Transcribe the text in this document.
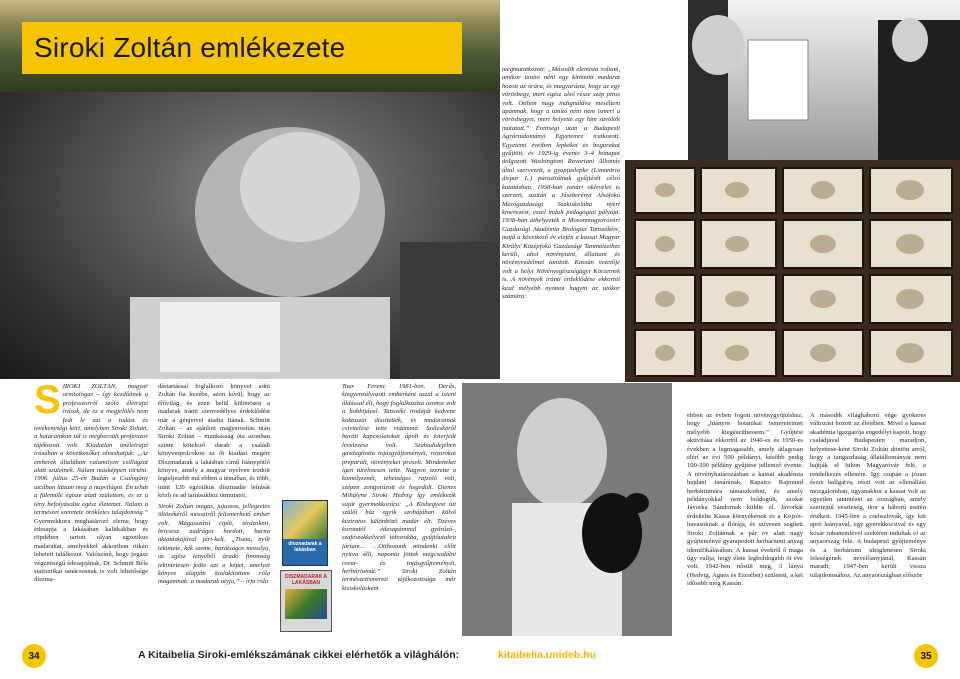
Siroki Zoltán emlékezete

megmutatkozott: „Második elemista voltam, amikor tanító néni egy kitömött madarat hozott az órára, és magyarázta, hogy az egy vörösbegy, mert egész alsó része szép piros volt. Otthon nagy indignáldva meséltem apámnak, hogy a tanító néni nem ismeri a vörösbegyet, mert helyette egy hím süvöltőt mutatott.” Érettségi után a Budapesti Agrártudományi Egyetemre iratkozott. Egyetemi éveiben lepkéket és bogarakat gyűjtött, és 1929-ig évente 3–4 hónapot dolgozott Washingtoni Rovartani Állomás által szervezett, a gyapjaslepke (Limantria dispar L.) parazitáinak gyűjtését célzó kutatásban. 1938-ban tanári oklevelet is szerzett, azután a Jászberényi Alsófokú Mezőgazdasági Szakiskolába nyert kinevezést, ezzel indult pedagógiai pályája. 1938-ban áthelyezték a Mosonmagyaróvári Gazdasági Akadémia Biológiai Tanszékére, majd a következő év elején a kassai Magyar Királyi Középfokú Gazdasági Tanintézethez került, ahol növénytant, állattant és növényvédelmet tanított. Kassán vezetője volt a helyi Növényegészségügyi Körzetnek is. A növények iránti érdeklődése ekkortól kezd mélyebb nyomot hagyni az utókor számára:

S IROKI ZOLTÁN, magyar ornitológus – így kezdődnek a professzorról szóló életrajzi írások, de ez a megjelölés nem fedi le azt a tudást és tevékenységi kört, amelyben Siroki Zoltán, a határainkon túl is megbecsült professzor tájékozott volt. Kiadatlan önéletrajzi írásában a következőket olvashatjuk: „Az emberek általában valamilyen csillagzat alatt születnek. Nálam másképpen történt. 1906. július 25-én Budán a Csalogány utcában láttam meg a napvilágot. Én tehát a fülemüle égisze alatt születtem, és ez a tény befolyásolta egész életemet. Nálam a természet szeretete örökletes tulajdonság.” Gyermekkora meghatározó eleme, hogy édesapja a lakásában kalitkákban és röpdében tartott olyan egzotikus madarakat, amelyekkel akkoriban ritkán lehetett találkozni. Valószínű, hogy jogász végzettségű édesapjának, Dr. Schmitt Béla statisztikai tanácsosnak is volt lehetősége díszma-

dártartással foglalkozó könyvet adni Zoltán fia kezébe, azon kívül, hogy az élővilág, és ezen belül különösen a madarak iránti szenvedélyes érdeklődést már a génjeivel átadta fiának. Schmitt Zoltán – az ajánlott magyarosítás után Siroki Zoltán – munkásság óta azonban szinte kötelező darab a családi könyvespolcokon az őt kiadást megért Díszmadarak a lakásban című hiánypótló könyve, amely a magyar nyelven irodott legteljesebb mű ebben a témában, és több, mint 120 egzotikus díszmadár leírását közli és ad tartásukhoz útmutatót.

Siroki Zoltán magas, jujuszos, jellegzetes öltözékéről messziről felismerhető ember volt. Magasszárú cipőt, térdzoknit, bricsesz nadrágot hordott, barna aktatáskájával járt-kelt. „Tiszta, nyílt tekintete, kék szeme, barátságos mosolya, az egész lényéből áradó finomság tekintetesen fedte azt a képet, amelyet könyve alapján kialakítottam róla magamnak: a madarak atyja,” – írja róla

dioznadarak a lakásban
DISZMADARAK A LAKÁSBAN

Taar Ferenc 1981-ben. Derűs, kiegyensúlyozott emberként azzal a isteni áldással élt, hogy foglalkozása azonos volt a hobbijával. Tanszéki irodáját kedvenc kaktuszai díszítették, és madarainak csivitelése tette vidámmá. Szélesköről baráti kapcsolatokat ápolt és kiterjedt levelezése volt. Szabadidejében gazdagította tojásgyűjteményét, rovarokat preparált, növényeket préselt. Mindeneket ígen türelmesen tette. Nagyon szerette a komolyzenét, tehetséges rajzoló volt, szépen zongorázott és hegedült. Dienes Mihályné Siroki Hedvig így emlékezik saját gyermekkorára: „A Kishegyest üti szülői ház egyik szobájában külső kéziratos különböző madár élt. Tizéves koromtól édesapámmal gyűrűző-, szafészekkelyező táborokba, gyűjtőutakra jártam… …Otthonunk mindenki előtt nyitva állt, napontа jöttek megcsodálni rovar- és tojásgyűjteményét, herbáriumát.” Siroki Zoltán természetismereti tájékozottsága már kisiskolásként

ebben az évben fogott növénygyűjtéshez, hogy „hiányos botanikai ismereteimet mélyebb kiegészíthessem.” Gyűjtési aktivitása ekkortól az 1940-es és 1950-es években a legmagasabb, amely átlagosan elérí az évi 500 példányt, később pedig 100-200 példány gyűjtése jellemző évente. A növényhatározásban a kassai akadémia hajdani tanárának, Rapaics Rajmund herbáriumára támaszkodott, és amely példányokkal nem boldogult, azokat Jávorka Sándornak küldte el. Jávorkát érdekelte Kassa környékének és a Kojsói-havasoknak a flórája, és szívesen segített Siroki Zoltánnak a pár év alatt nagy gyűjteményé gyarapodott herbáriumi anyag identifikálásában. A kassai évekről ő maga úgy vallja, hogy élete legboldogabb öt éve volt. 1942-ben nősült meg, 3 lánya (Hedvig, Ágnes és Erzsébet) született, a két idősebb még Kassán.

A második világháború vége gyökeres változást hozott az életében. Mivel a kassai akadémia igazgatója engedélyt kapott, hogy családjával Budapesten maradjon, helyettese-ként Siroki Zoltán döntött arról, hogy a tangazdaság állatállományát nem hajtják el bihon Magyaróvár felé, a rendelkezés ellenére. Így csupán a józan észre hallgatva, részt vett az ellenállási mozgalomban, ugyanakkor a kassai volt az egyetlen tanintézet az országban, amely szerteдúl veszteség, ikor a háború esetén értékeit. 1945-ben a csehszlovák, így két aprό leányaval, egy gyerekkocsival és egy kosár rubanemlével szekéren indultak el az anyaország felé. A budapesti gyűjteménye és a herbárium ideiglenesen Siroki feleségének nevelőanyjánál, Kassán maradt, 1947-ben került vissza tulajdonosához. Az anyaországban először

34	A Kitaibelia Siroki-emlékszámának cikkei elérhetők a világhálón:	kitaibelia.unideb.hu	35
